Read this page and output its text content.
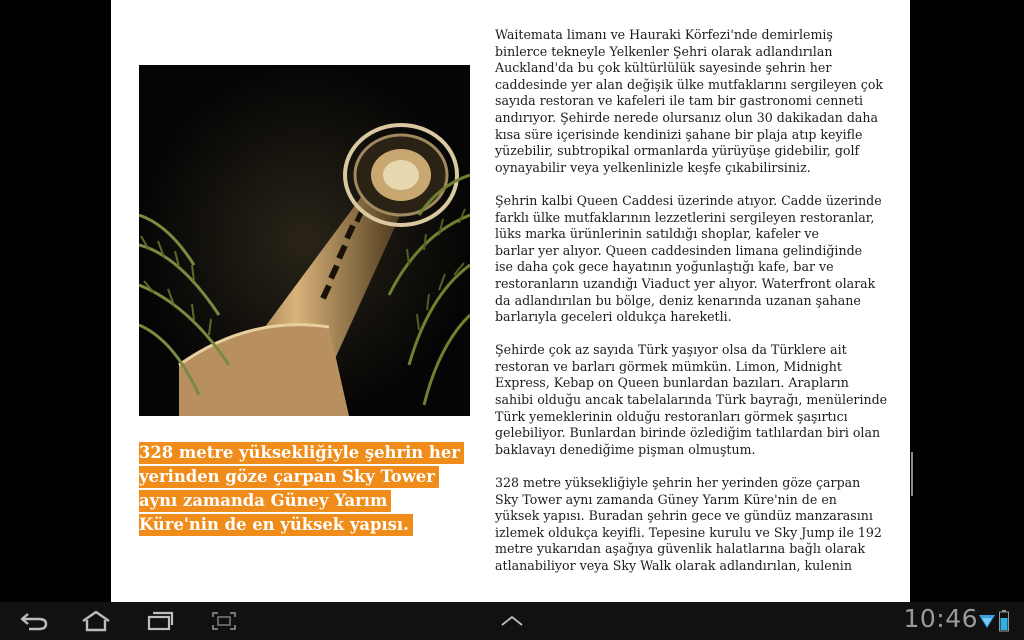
328 metre yüksekliğiyle şehrin her yerinden göze çarpan Sky Tower aynı zamanda Güney Yarım Küre'nin de en yüksek yapısı.

Waitemata limanı ve Hauraki Körfezi'nde demirlemiş
binlerce tekneyle Yelkenler Şehri olarak adlandırılan
Auckland'da bu çok kültürlülük sayesinde şehrin her
caddesinde yer alan değişik ülke mutfaklarını sergileyen çok
sayıda restoran ve kafeleri ile tam bir gastronomi cenneti
andırıyor. Şehirde nerede olursanız olun 30 dakikadan daha
kısa süre içerisinde kendinizi şahane bir plaja atıp keyifle
yüzebilir, subtropikal ormanlarda yürüyüşe gidebilir, golf
oynayabilir veya yelkenlinizle keşfe çıkabilirsiniz.

Şehrin kalbi Queen Caddesi üzerinde atıyor. Cadde üzerinde
farklı ülke mutfaklarının lezzetlerini sergileyen restoranlar,
lüks marka ürünlerinin satıldığı shoplar, kafeler ve
barlar yer alıyor. Queen caddesinden limana gelindiğinde
ise daha çok gece hayatının yoğunlaştığı kafe, bar ve
restoranların uzandığı Viaduct yer alıyor. Waterfront olarak
da adlandırılan bu bölge, deniz kenarında uzanan şahane
barlarıyla geceleri oldukça hareketli.

Şehirde çok az sayıda Türk yaşıyor olsa da Türklere ait
restoran ve barları görmek mümkün. Limon, Midnight
Express, Kebap on Queen bunlardan bazıları. Arapların
sahibi olduğu ancak tabelalarında Türk bayrağı, menülerinde
Türk yemeklerinin olduğu restoranları görmek şaşırtıcı
gelebiliyor. Bunlardan birinde özlediğim tatlılardan biri olan
baklavayı denediğime pişman olmuştum.

328 metre yüksekliğiyle şehrin her yerinden göze çarpan
Sky Tower aynı zamanda Güney Yarım Küre'nin de en
yüksek yapısı. Buradan şehrin gece ve gündüz manzarasını
izlemek oldukça keyifli. Tepesine kurulu ve Sky Jump ile 192
metre yukarıdan aşağıya güvenlik halatlarına bağlı olarak
atlanabiliyor veya Sky Walk olarak adlandırılan, kulenin

10:46
